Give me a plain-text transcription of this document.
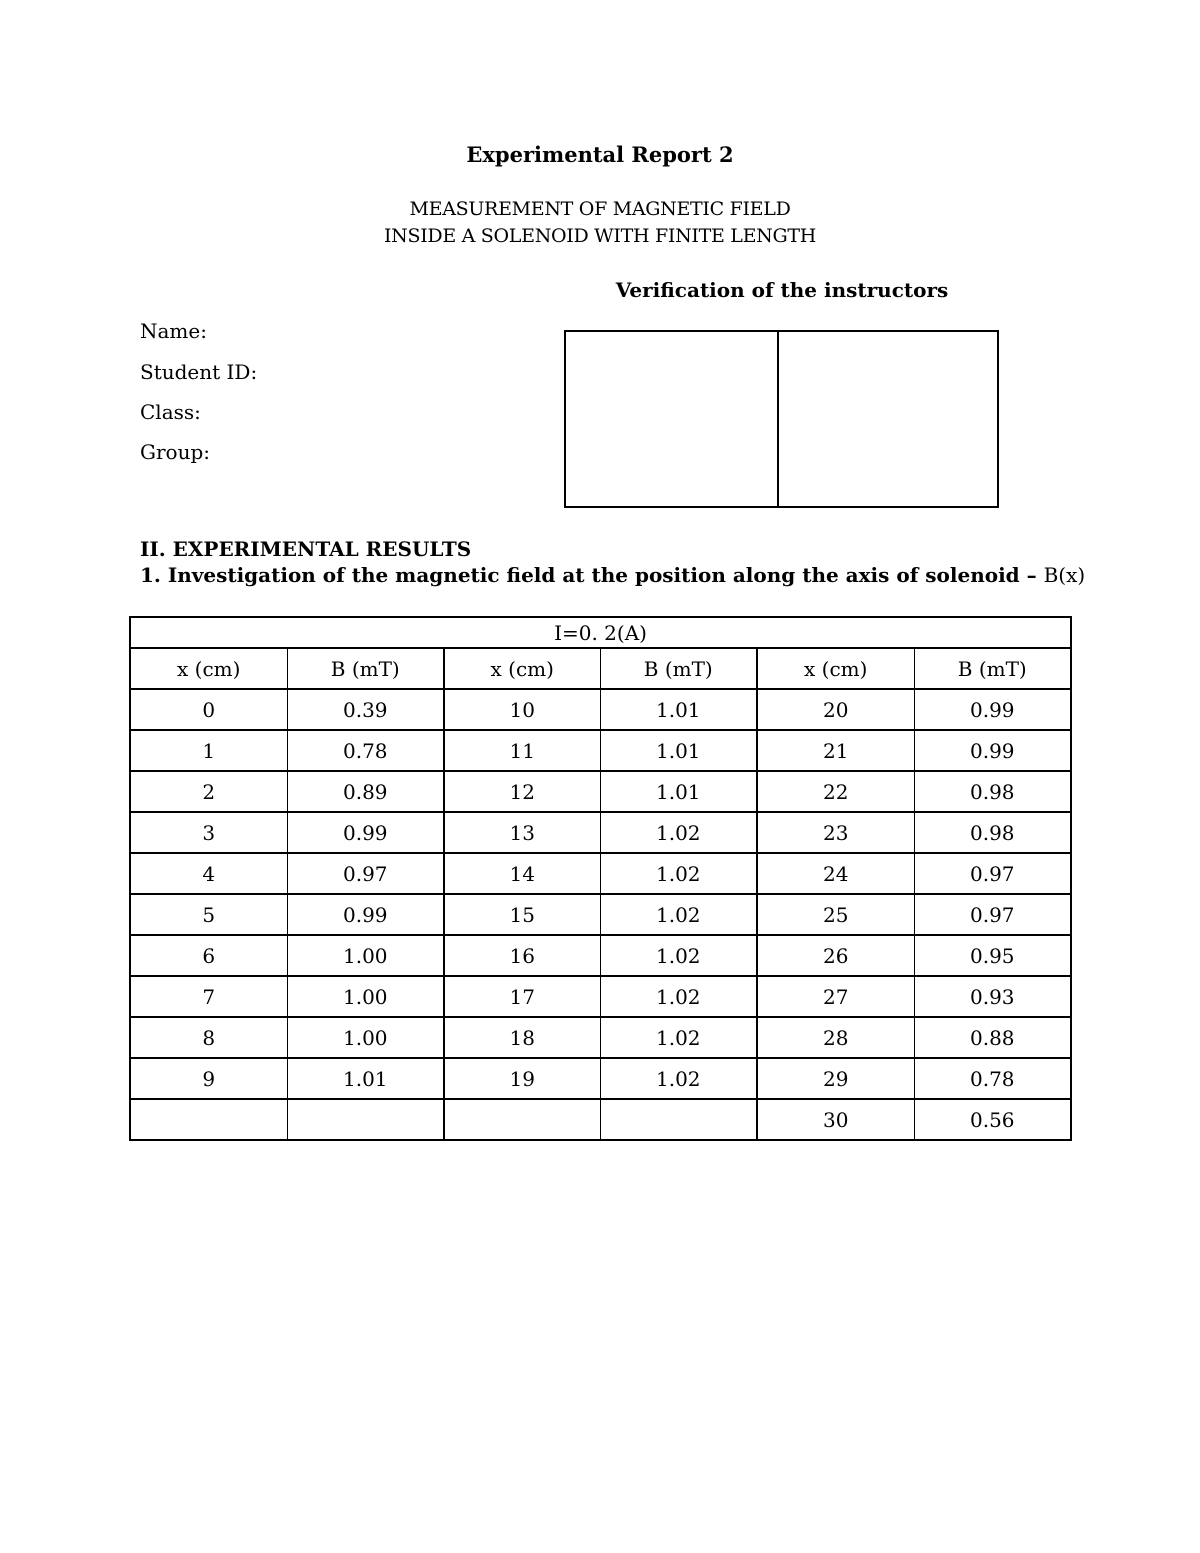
Experimental Report 2
MEASUREMENT OF MAGNETIC FIELD
INSIDE A SOLENOID WITH FINITE LENGTH
Verification of the instructors
Name:
Student ID:
Class:
Group:
II. EXPERIMENTAL RESULTS
1. Investigation of the magnetic field at the position along the axis of solenoid – B(x)
I=0. 2(A)					
x (cm)	B (mT)	x (cm)	B (mT)	x (cm)	B (mT)
0	0.39	10	1.01	20	0.99
1	0.78	11	1.01	21	0.99
2	0.89	12	1.01	22	0.98
3	0.99	13	1.02	23	0.98
4	0.97	14	1.02	24	0.97
5	0.99	15	1.02	25	0.97
6	1.00	16	1.02	26	0.95
7	1.00	17	1.02	27	0.93
8	1.00	18	1.02	28	0.88
9	1.01	19	1.02	29	0.78
				30	0.56
